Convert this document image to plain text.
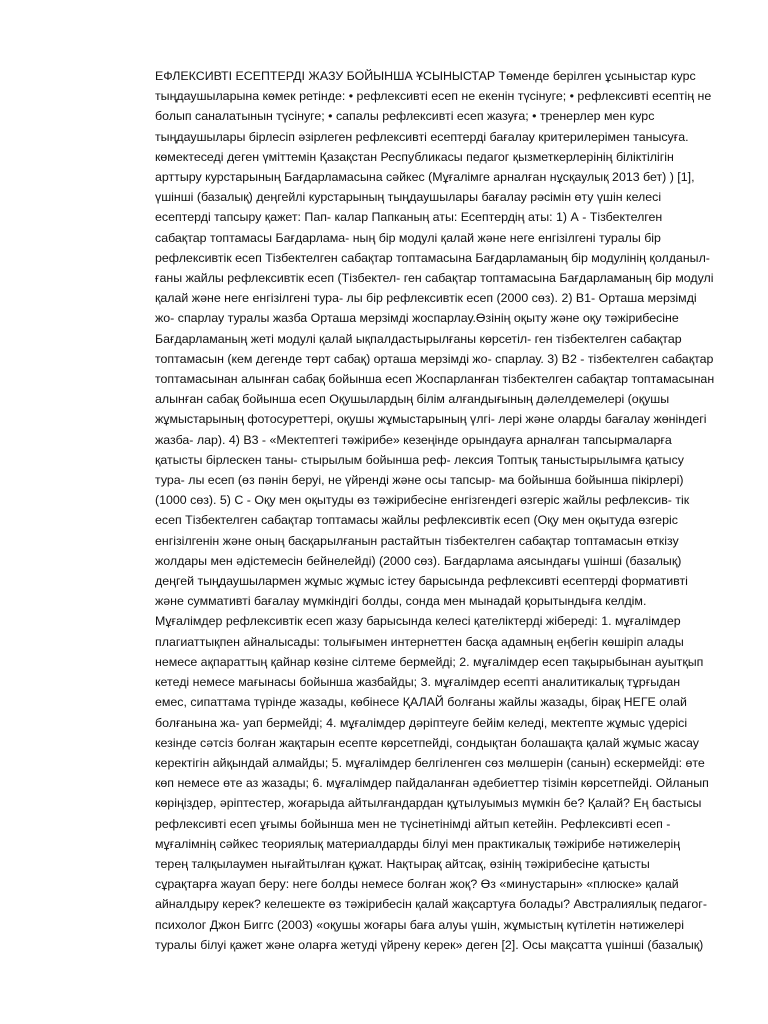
ЕФЛЕКСИВТІ ЕСЕПТЕРДІ ЖАЗУ БОЙЫНША ҰСЫНЫСТАР Төменде берілген ұсыныстар курс тыңдаушыларына көмек ретінде: • рефлексивті есеп не екенін түсінуге; • рефлексивті есептің не болып саналатынын түсінуге; • сапалы рефлексивті есеп жазуға; • тренерлер мен курс тыңдаушылары бірлесіп әзірлеген рефлексивті есептерді бағалау критерилерімен танысуға. көмектеседі деген үміттемін Қазақстан Республикасы педагог қызметкерлерінің біліктілігін арттыру курстарының Бағдарламасына сәйкес (Мұғалімге арналған нұсқаулық 2013 бет) ) [1], үшінші (базалық) деңгейлі курстарының тыңдаушылары бағалау рәсімін өту үшін келесі есептерді тапсыру қажет: Пап- калар Папканың аты: Есептердің аты: 1) А - Тізбектелген сабақтар топтамасы Бағдарлама- ның бір модулі қалай және неге енгізілгені туралы бір рефлексивтік есеп Тізбектелген сабақтар топтамасына Бағдарламаның бір модулінің қолданыл- ғаны жайлы рефлексивтік есеп (Тізбектел- ген сабақтар топтамасына Бағдарламаның бір модулі қалай және неге енгізілгені тура- лы бір рефлексивтік есеп (2000 сөз). 2) В1- Орташа мерзімді жо- спарлау туралы жазба Орташа мерзімді жоспарлау.Өзінің оқыту және оқу тәжірибесіне Бағдарламаның жеті модулі қалай ықпалдастырылғаны көрсетіл- ген тізбектелген сабақтар топтамасын (кем дегенде төрт сабақ) орташа мерзімді жо- спарлау. 3) В2 - тізбектелген сабақтар топтамасынан алынған сабақ бойынша есеп Жоспарланған тізбектелген сабақтар топтамасынан алынған сабақ бойынша есеп Оқушылардың білім алғандығының дәлелдемелері (оқушы жұмыстарының фотосуреттері, оқушы жұмыстарының үлгі- лері және оларды бағалау жөніндегі жазба- лар). 4) В3 - «Мектептегі тәжірибе» кезеңінде орындауға арналған тапсырмаларға қатысты бірлескен таны- стырылым бойынша реф- лексия Топтық таныстырылымға қатысу тура- лы есеп (өз пәнін беруі, не үйренді және осы тапсыр- ма бойынша бойынша пікірлері) (1000 сөз). 5) С - Оқу мен оқытуды өз тәжірибесіне енгізгендегі өзгеріс жайлы рефлексив- тік есеп Тізбектелген сабақтар топтамасы жайлы рефлексивтік есеп (Оқу мен оқытуда өзгеріс енгізілгенін және оның басқарылғанын растайтын тізбектелген сабақтар топтамасын өткізу жолдары мен әдістемесін бейнелейді) (2000 сөз). Бағдарлама аясындағы үшінші (базалық) деңгей тыңдаушылармен жұмыс жұмыс істеу барысында рефлексивті есептерді формативті және суммативті бағалау мүмкіндігі болды, сонда мен мынадай қорытындыға келдім. Мұғалімдер рефлексивтік есеп жазу барысында келесі қателіктерді жібереді: 1. мұғалімдер плагиаттықпен айналысады: толығымен интернеттен басқа адамның еңбегін көшіріп алады немесе ақпараттың қайнар көзіне сілтеме бермейді; 2. мұғалімдер есеп тақырыбынан ауытқып кетеді немесе мағынасы бойынша жазбайды; 3. мұғалімдер есепті аналитикалық тұрғыдан емес, сипаттама түрінде жазады, көбінесе ҚАЛАЙ болғаны жайлы жазады, бірақ НЕГЕ олай болғанына жа- уап бермейді; 4. мұғалімдер дәріптеуге бейім келеді, мектепте жұмыс үдерісі кезінде сәтсіз болған жақтарын есепте көрсетпейді, сондықтан болашақта қалай жұмыс жасау керектігін айқындай алмайды; 5. мұғалімдер белгіленген сөз мөлшерін (санын) ескермейді: өте көп немесе өте аз жазады; 6. мұғалімдер пайдаланған әдебиеттер тізімін көрсетпейді. Ойланып көріңіздер, әріптестер, жоғарыда айтылғандардан құтылуымыз мүмкін бе? Қалай? Ең бастысы рефлексивті есеп ұғымы бойынша мен не түсінетінімді айтып кетейін. Рефлексивті есеп - мұғалімнің сәйкес теориялық материалдарды білуі мен практикалық тәжірибе нәтижелерің терең талқылаумен нығайтылған құжат. Нақтырақ айтсақ, өзінің тәжірибесіне қатысты сұрақтарға жауап беру: неге болды немесе болған жоқ? Өз «минустарын» «плюске» қалай айналдыру керек? келешекте өз тәжірибесін қалай жақсартуға болады? Австралиялық педагог-психолог Джон Биггс (2003) «оқушы жоғары баға алуы үшін, жұмыстың күтілетін нәтижелері туралы білуі қажет және оларға жетуді үйрену керек» деген [2]. Осы мақсатта үшінші (базалық)
